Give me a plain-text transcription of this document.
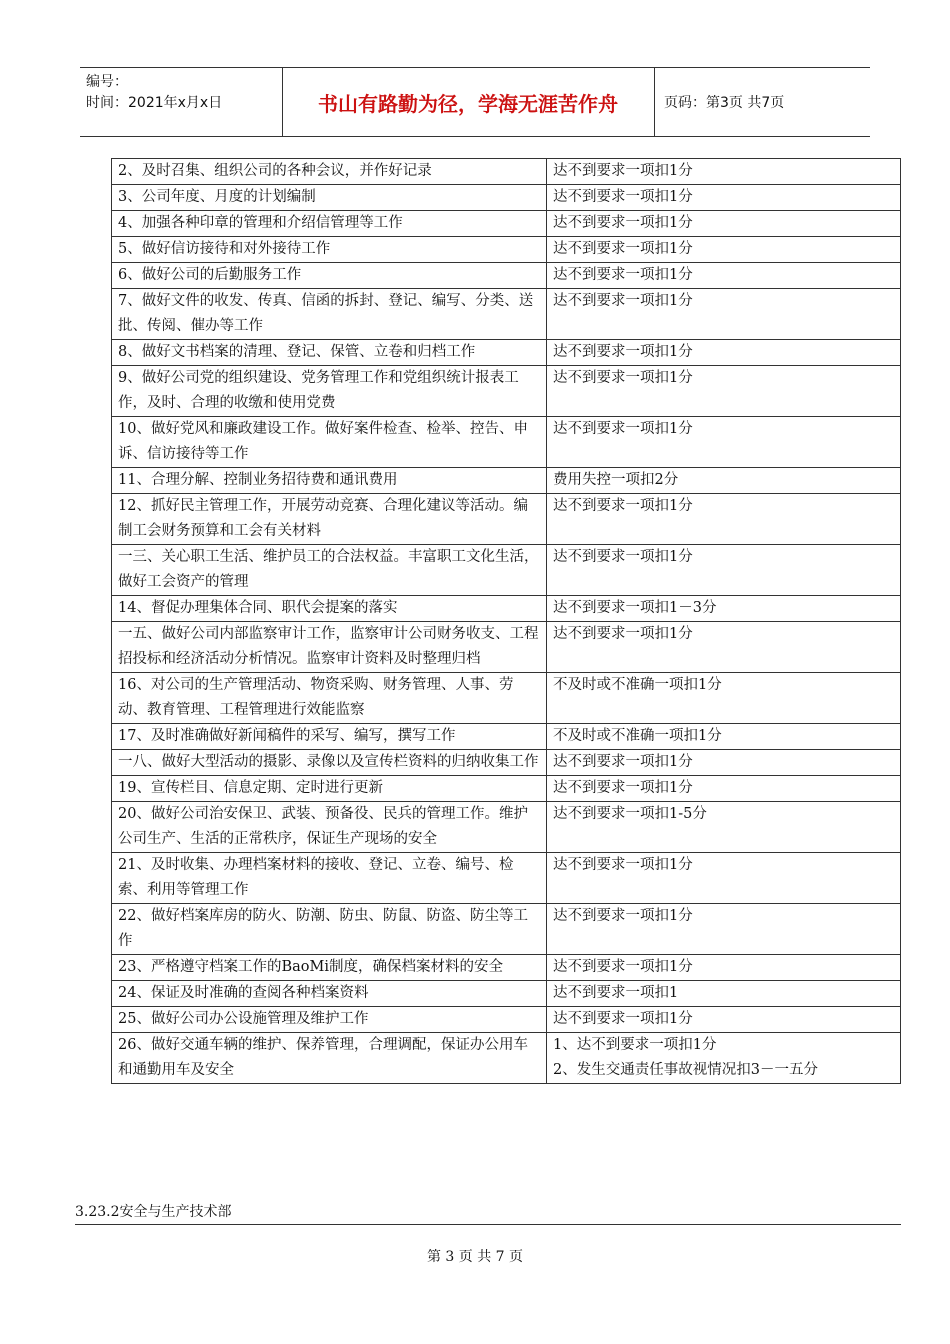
编号：
时间：2021年x月x日	书山有路勤为径，学海无涯苦作舟	页码：第3页 共7页
2、及时召集、组织公司的各种会议，并作好记录	达不到要求一项扣1分

3、公司年度、月度的计划编制	达不到要求一项扣1分

4、加强各种印章的管理和介绍信管理等工作	达不到要求一项扣1分

5、做好信访接待和对外接待工作	达不到要求一项扣1分

6、做好公司的后勤服务工作	达不到要求一项扣1分

7、做好文件的收发、传真、信函的拆封、登记、编写、分类、送批、传阅、催办等工作	达不到要求一项扣1分

8、做好文书档案的清理、登记、保管、立卷和归档工作	达不到要求一项扣1分

9、做好公司党的组织建设、党务管理工作和党组织统计报表工作，及时、合理的收缴和使用党费	达不到要求一项扣1分

10、做好党风和廉政建设工作。做好案件检查、检举、控告、申诉、信访接待等工作	达不到要求一项扣1分

11、合理分解、控制业务招待费和通讯费用	费用失控一项扣2分

12、抓好民主管理工作，开展劳动竞赛、合理化建议等活动。编制工会财务预算和工会有关材料	达不到要求一项扣1分

一三、关心职工生活、维护员工的合法权益。丰富职工文化生活，做好工会资产的管理	达不到要求一项扣1分

14、督促办理集体合同、职代会提案的落实	达不到要求一项扣1－3分

一五、做好公司内部监察审计工作，监察审计公司财务收支、工程招投标和经济活动分析情况。监察审计资料及时整理归档	达不到要求一项扣1分

16、对公司的生产管理活动、物资采购、财务管理、人事、劳动、教育管理、工程管理进行效能监察	不及时或不准确一项扣1分

17、及时准确做好新闻稿件的采写、编写，撰写工作	不及时或不准确一项扣1分

一八、做好大型活动的摄影、录像以及宣传栏资料的归纳收集工作	达不到要求一项扣1分

19、宣传栏目、信息定期、定时进行更新	达不到要求一项扣1分

20、做好公司治安保卫、武装、预备役、民兵的管理工作。维护公司生产、生活的正常秩序，保证生产现场的安全	达不到要求一项扣1-5分

21、及时收集、办理档案材料的接收、登记、立卷、编号、检索、利用等管理工作	达不到要求一项扣1分

22、做好档案库房的防火、防潮、防虫、防鼠、防盗、防尘等工作	达不到要求一项扣1分

23、严格遵守档案工作的BaoMi制度，确保档案材料的安全	达不到要求一项扣1分

24、保证及时准确的查阅各种档案资料	达不到要求一项扣1

25、做好公司办公设施管理及维护工作	达不到要求一项扣1分

26、做好交通车辆的维护、保养管理，合理调配，保证办公用车和通勤用车及安全	1、达不到要求一项扣1分
2、发生交通责任事故视情况扣3－一五分
3.23.2安全与生产技术部
第 3 页 共 7 页
